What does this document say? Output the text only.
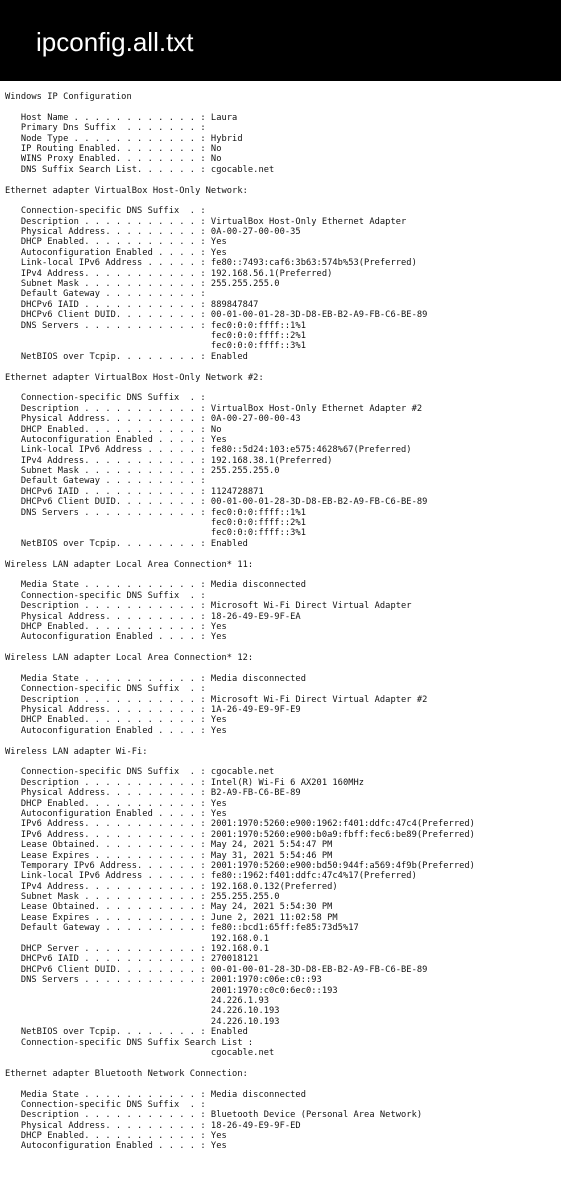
ipconfig.all.txt
Windows IP Configuration
Host Name . . . . . . . . . . . . : Laura
Primary Dns Suffix  . . . . . . . :
Node Type . . . . . . . . . . . . : Hybrid
IP Routing Enabled. . . . . . . . : No
WINS Proxy Enabled. . . . . . . . : No
DNS Suffix Search List. . . . . . : cgocable.net
Ethernet adapter VirtualBox Host-Only Network:
Connection-specific DNS Suffix  . :
Description . . . . . . . . . . . : VirtualBox Host-Only Ethernet Adapter
Physical Address. . . . . . . . . : 0A-00-27-00-00-35
DHCP Enabled. . . . . . . . . . . : Yes
Autoconfiguration Enabled . . . . : Yes
Link-local IPv6 Address . . . . . : fe80::7493:caf6:3b63:574b%53(Preferred)
IPv4 Address. . . . . . . . . . . : 192.168.56.1(Preferred)
Subnet Mask . . . . . . . . . . . : 255.255.255.0
Default Gateway . . . . . . . . . :
DHCPv6 IAID . . . . . . . . . . . : 889847847
DHCPv6 Client DUID. . . . . . . . : 00-01-00-01-28-3D-D8-EB-B2-A9-FB-C6-BE-89
DNS Servers . . . . . . . . . . . : fec0:0:0:ffff::1%1
fec0:0:0:ffff::2%1
fec0:0:0:ffff::3%1
NetBIOS over Tcpip. . . . . . . . : Enabled
Ethernet adapter VirtualBox Host-Only Network #2:
Connection-specific DNS Suffix  . :
Description . . . . . . . . . . . : VirtualBox Host-Only Ethernet Adapter #2
Physical Address. . . . . . . . . : 0A-00-27-00-00-43
DHCP Enabled. . . . . . . . . . . : No
Autoconfiguration Enabled . . . . : Yes
Link-local IPv6 Address . . . . . : fe80::5d24:103:e575:4628%67(Preferred)
IPv4 Address. . . . . . . . . . . : 192.168.38.1(Preferred)
Subnet Mask . . . . . . . . . . . : 255.255.255.0
Default Gateway . . . . . . . . . :
DHCPv6 IAID . . . . . . . . . . . : 1124728871
DHCPv6 Client DUID. . . . . . . . : 00-01-00-01-28-3D-D8-EB-B2-A9-FB-C6-BE-89
DNS Servers . . . . . . . . . . . : fec0:0:0:ffff::1%1
fec0:0:0:ffff::2%1
fec0:0:0:ffff::3%1
NetBIOS over Tcpip. . . . . . . . : Enabled
Wireless LAN adapter Local Area Connection* 11:
Media State . . . . . . . . . . . : Media disconnected
Connection-specific DNS Suffix  . :
Description . . . . . . . . . . . : Microsoft Wi-Fi Direct Virtual Adapter
Physical Address. . . . . . . . . : 18-26-49-E9-9F-EA
DHCP Enabled. . . . . . . . . . . : Yes
Autoconfiguration Enabled . . . . : Yes
Wireless LAN adapter Local Area Connection* 12:
Media State . . . . . . . . . . . : Media disconnected
Connection-specific DNS Suffix  . :
Description . . . . . . . . . . . : Microsoft Wi-Fi Direct Virtual Adapter #2
Physical Address. . . . . . . . . : 1A-26-49-E9-9F-E9
DHCP Enabled. . . . . . . . . . . : Yes
Autoconfiguration Enabled . . . . : Yes
Wireless LAN adapter Wi-Fi:
Connection-specific DNS Suffix  . : cgocable.net
Description . . . . . . . . . . . : Intel(R) Wi-Fi 6 AX201 160MHz
Physical Address. . . . . . . . . : B2-A9-FB-C6-BE-89
DHCP Enabled. . . . . . . . . . . : Yes
Autoconfiguration Enabled . . . . : Yes
IPv6 Address. . . . . . . . . . . : 2001:1970:5260:e900:1962:f401:ddfc:47c4(Preferred)
IPv6 Address. . . . . . . . . . . : 2001:1970:5260:e900:b0a9:fbff:fec6:be89(Preferred)
Lease Obtained. . . . . . . . . . : May 24, 2021 5:54:47 PM
Lease Expires . . . . . . . . . . : May 31, 2021 5:54:46 PM
Temporary IPv6 Address. . . . . . : 2001:1970:5260:e900:bd50:944f:a569:4f9b(Preferred)
Link-local IPv6 Address . . . . . : fe80::1962:f401:ddfc:47c4%17(Preferred)
IPv4 Address. . . . . . . . . . . : 192.168.0.132(Preferred)
Subnet Mask . . . . . . . . . . . : 255.255.255.0
Lease Obtained. . . . . . . . . . : May 24, 2021 5:54:30 PM
Lease Expires . . . . . . . . . . : June 2, 2021 11:02:58 PM
Default Gateway . . . . . . . . . : fe80::bcd1:65ff:fe85:73d5%17
192.168.0.1
DHCP Server . . . . . . . . . . . : 192.168.0.1
DHCPv6 IAID . . . . . . . . . . . : 270018121
DHCPv6 Client DUID. . . . . . . . : 00-01-00-01-28-3D-D8-EB-B2-A9-FB-C6-BE-89
DNS Servers . . . . . . . . . . . : 2001:1970:c06e:c0::93
2001:1970:c0c0:6ec0::193
24.226.1.93
24.226.10.193
24.226.10.193
NetBIOS over Tcpip. . . . . . . . : Enabled
Connection-specific DNS Suffix Search List :
cgocable.net
Ethernet adapter Bluetooth Network Connection:
Media State . . . . . . . . . . . : Media disconnected
Connection-specific DNS Suffix  . :
Description . . . . . . . . . . . : Bluetooth Device (Personal Area Network)
Physical Address. . . . . . . . . : 18-26-49-E9-9F-ED
DHCP Enabled. . . . . . . . . . . : Yes
Autoconfiguration Enabled . . . . : Yes
